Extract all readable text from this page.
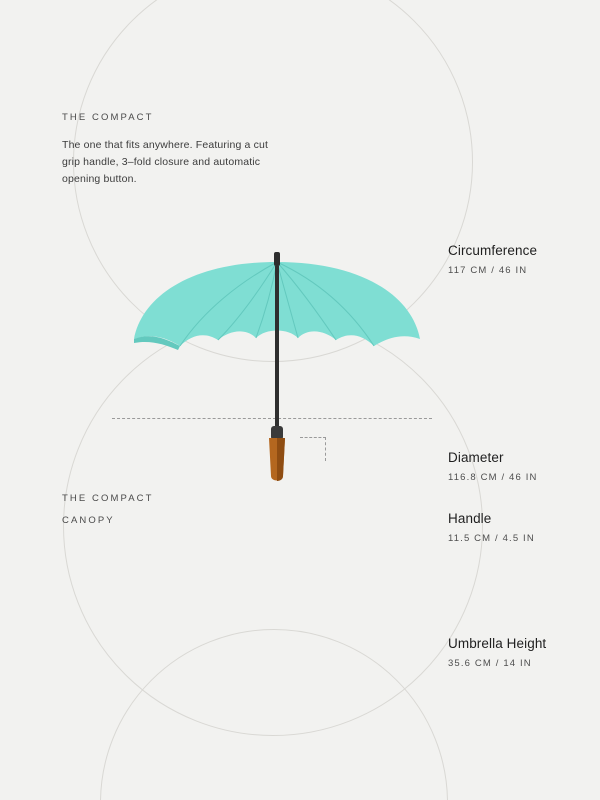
THE COMPACT
The one that fits anywhere. Featuring a cut grip handle, 3–fold closure and automatic opening button.
THE COMPACT
CANOPY
Circumference
117 CM / 46 IN
Diameter
116.8 CM / 46 IN
Handle
11.5 CM / 4.5 IN
Umbrella Height
35.6 CM / 14 IN
